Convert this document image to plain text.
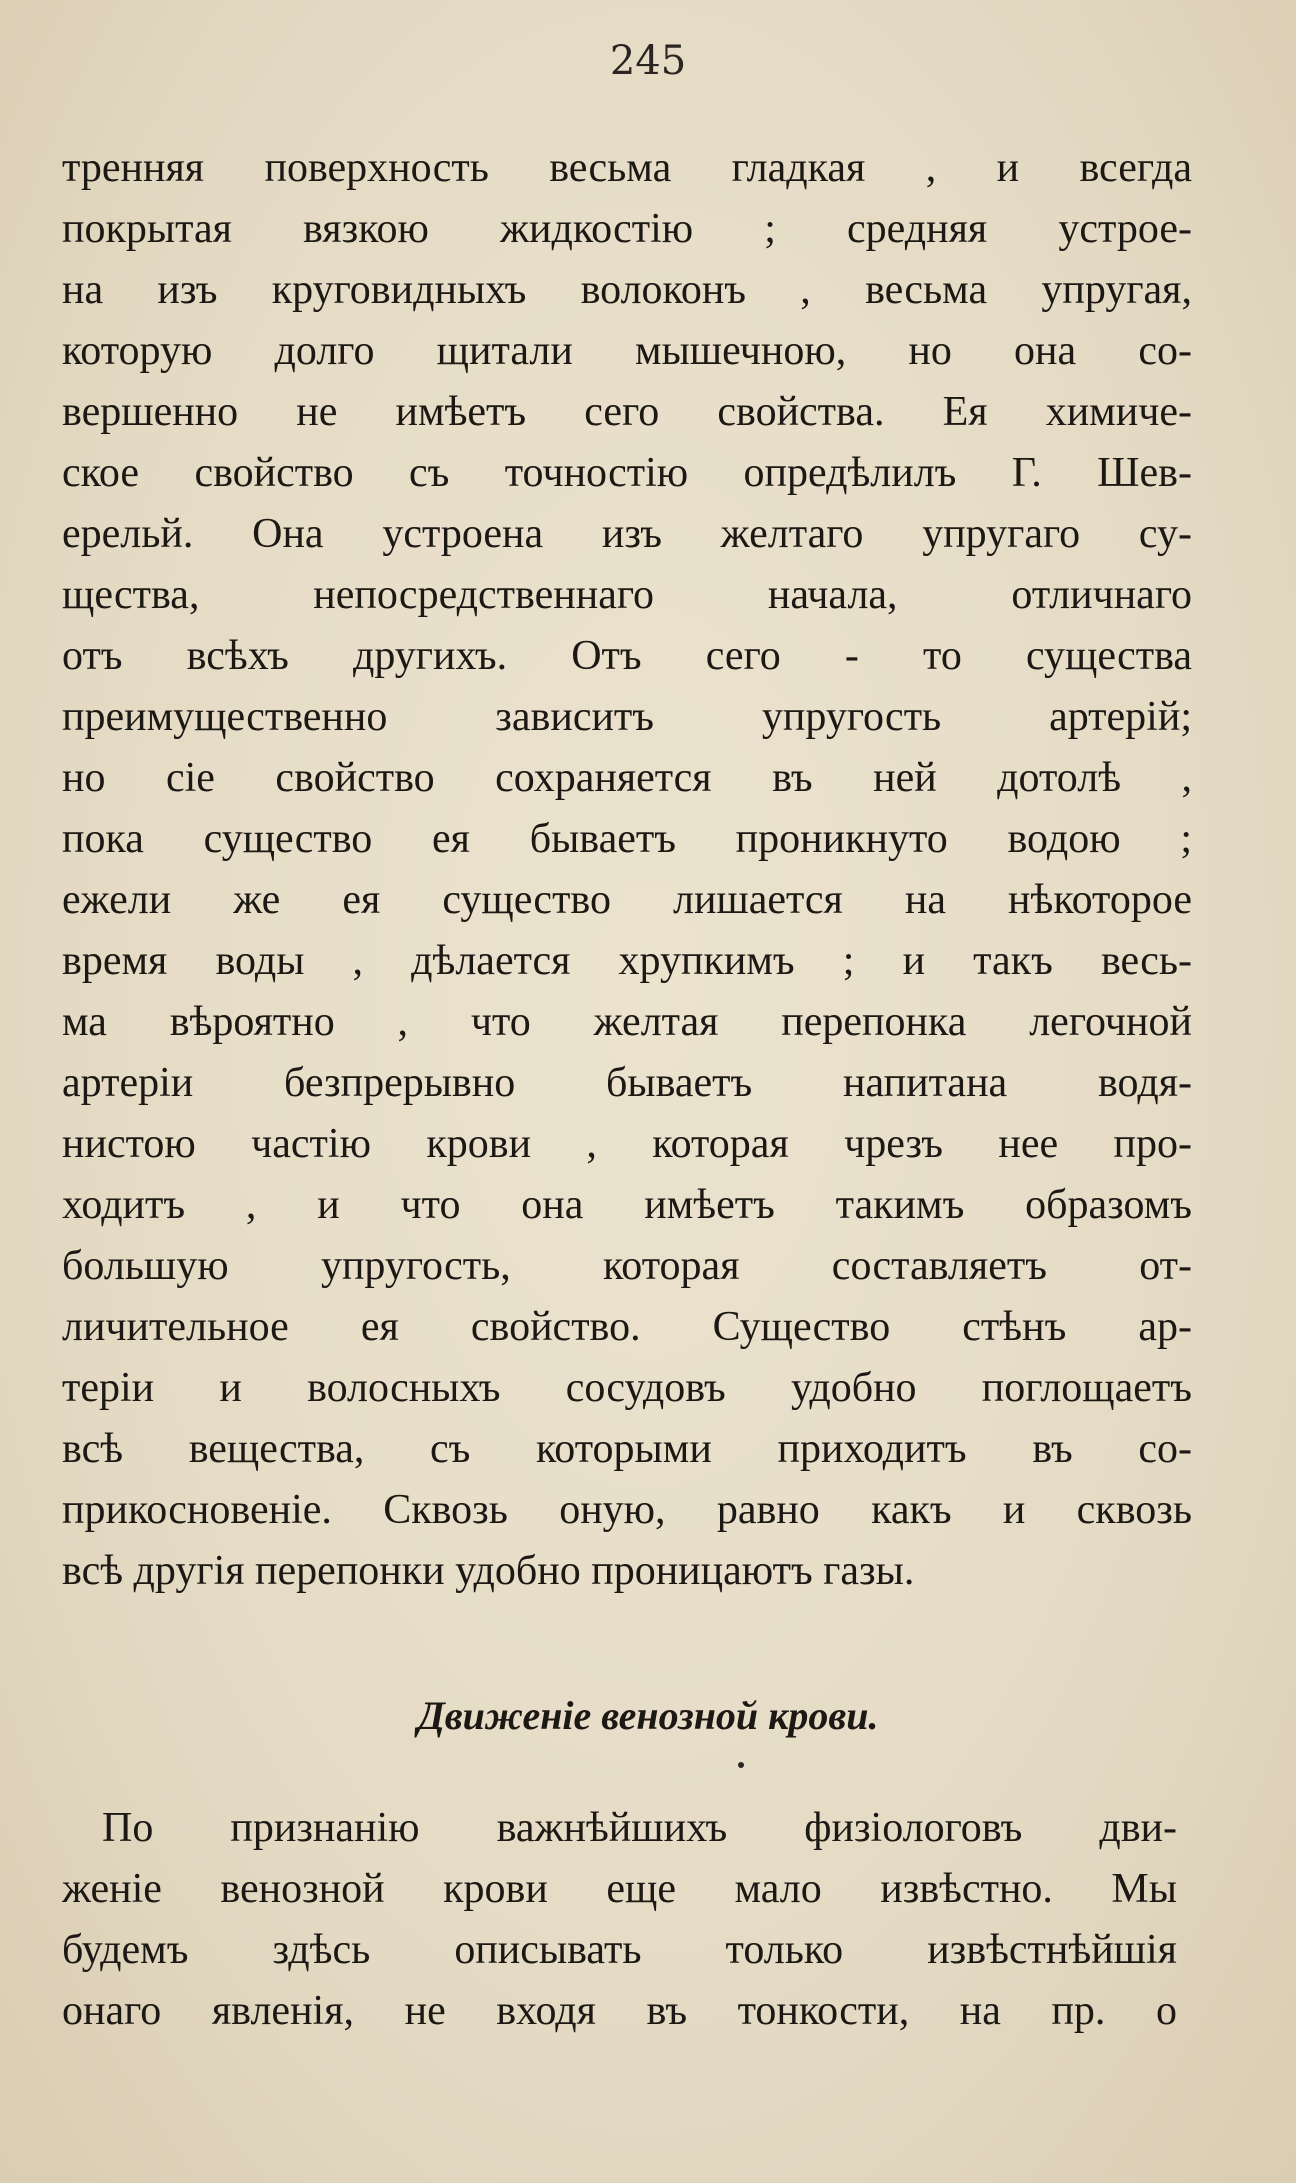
245
тренняя поверхность весьма гладкая , и всегда
покрытая вязкою жидкостію ; средняя устрое-
на изъ круговидныхъ волоконъ , весьма упругая,
которую долго щитали мышечною, но она со-
вершенно не имѣетъ сего свойства. Ея химиче-
ское свойство съ точностію опредѣлилъ Г. Шев-
ерельй. Она устроена изъ желтаго упругаго су-
щества, непосредственнаго начала, отличнаго
отъ всѣхъ другихъ. Отъ сего - то существа
преимущественно зависитъ упругость артерій;
но сіе свойство сохраняется въ ней дотолѣ ,
пока существо ея бываетъ проникнуто водою ;
ежели же ея существо лишается на нѣкоторое
время воды , дѣлается хрупкимъ ; и такъ весь-
ма вѣроятно , что желтая перепонка легочной
артеріи безпрерывно бываетъ напитана водя-
нистою частію крови , которая чрезъ нее про-
ходитъ , и что она имѣетъ такимъ образомъ
большую упругость, которая составляетъ от-
личительное ея свойство. Существо стѣнъ ар-
теріи и волосныхъ сосудовъ удобно поглощаетъ
всѣ вещества, съ которыми приходитъ въ со-
прикосновеніе. Сквозь оную, равно какъ и сквозь
всѣ другія перепонки удобно проницаютъ газы.
Движеніе венозной крови.
По признанію важнѣйшихъ физіологовъ дви-
женіе венозной крови еще мало извѣстно. Мы
будемъ здѣсь описывать только извѣстнѣйшія
онаго явленія, не входя въ тонкости, на пр. о
